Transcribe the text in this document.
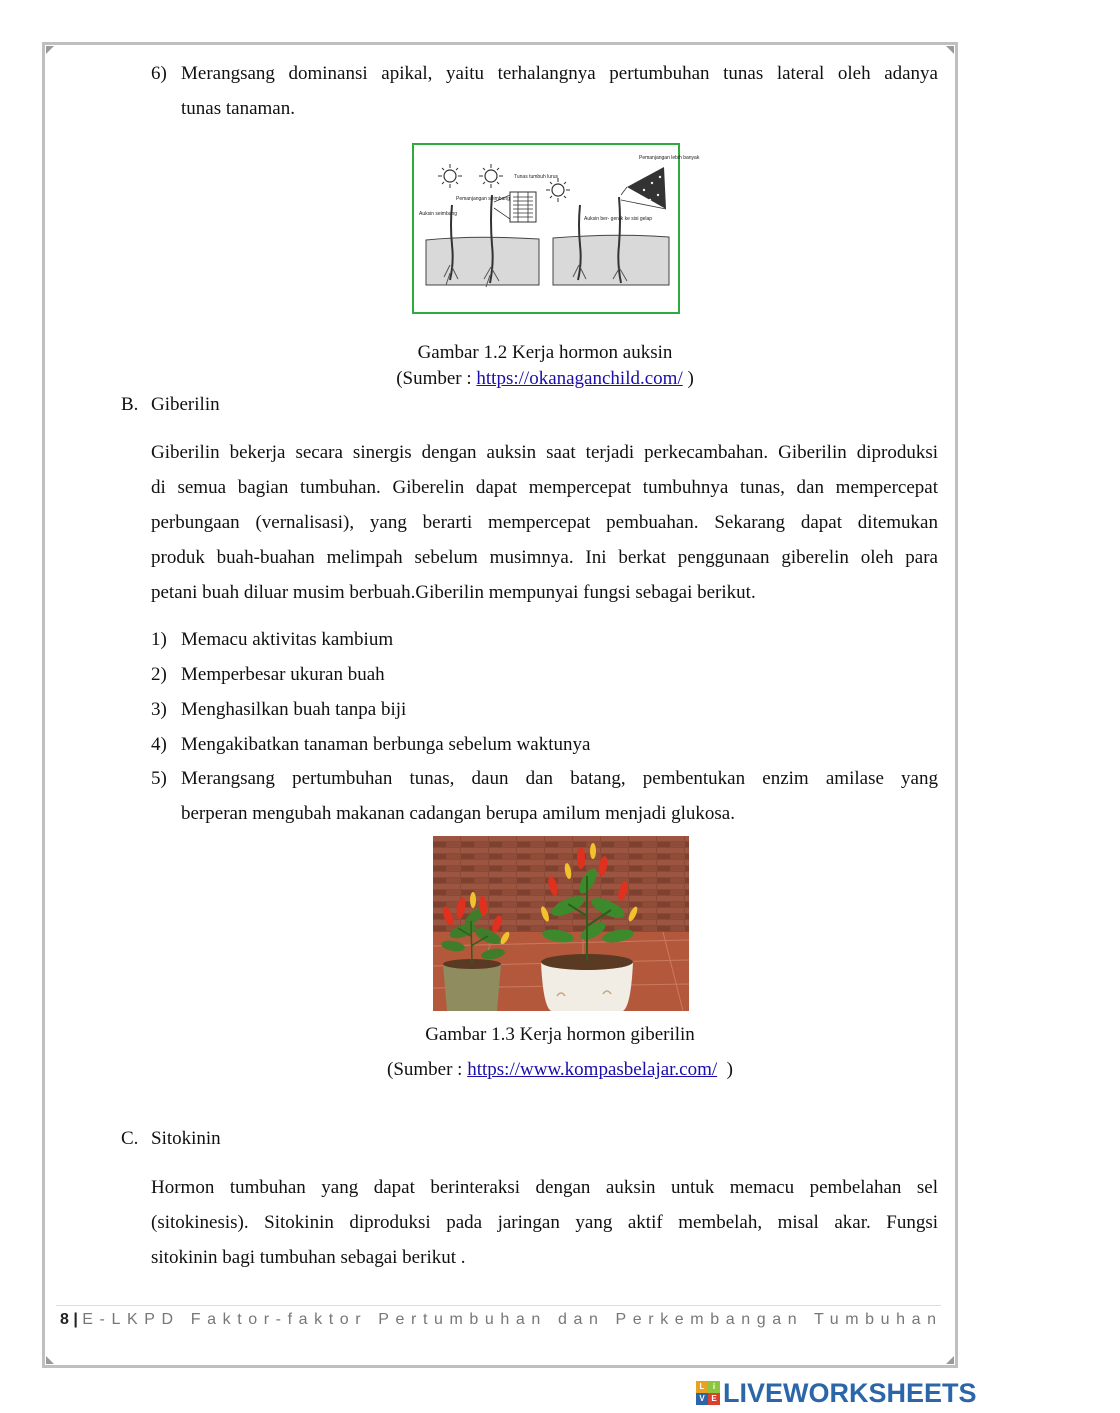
6) Merangsang dominansi apikal, yaitu terhalangnya pertumbuhan tunas lateral oleh adanya
tunas tanaman.
Tunas tumbuh lurus
Pemanjangan lebih banyak
Pemanjangan seimbang
Auksin seimbang
Auksin ber- gerak ke sisi gelap
Gambar 1.2 Kerja hormon auksin
(Sumber : https://okanaganchild.com/ )
B. Giberilin
Giberilin bekerja secara sinergis dengan auksin saat terjadi perkecambahan. Giberilin diproduksi
di semua bagian tumbuhan. Giberelin dapat mempercepat tumbuhnya tunas, dan mempercepat
perbungaan (vernalisasi), yang berarti mempercepat pembuahan. Sekarang dapat ditemukan
produk buah-buahan melimpah sebelum musimnya. Ini berkat penggunaan giberelin oleh para
petani buah diluar musim berbuah.Giberilin mempunyai fungsi sebagai berikut.
1) Memacu aktivitas kambium
2) Memperbesar ukuran buah
3) Menghasilkan buah tanpa biji
4) Mengakibatkan tanaman berbunga sebelum waktunya
5) Merangsang pertumbuhan tunas, daun dan batang, pembentukan enzim amilase yang
berperan mengubah makanan cadangan berupa amilum menjadi glukosa.
Gambar 1.3 Kerja hormon giberilin
(Sumber : https://www.kompasbelajar.com/  )
C. Sitokinin
Hormon tumbuhan yang dapat berinteraksi dengan auksin untuk memacu pembelahan sel
(sitokinesis). Sitokinin diproduksi pada jaringan yang aktif membelah, misal akar. Fungsi
sitokinin bagi tumbuhan sebagai berikut .
8 | E-LKPD Faktor-faktor Pertumbuhan dan Perkembangan Tumbuhan
L	i
V E LIVEWORKSHEETS
